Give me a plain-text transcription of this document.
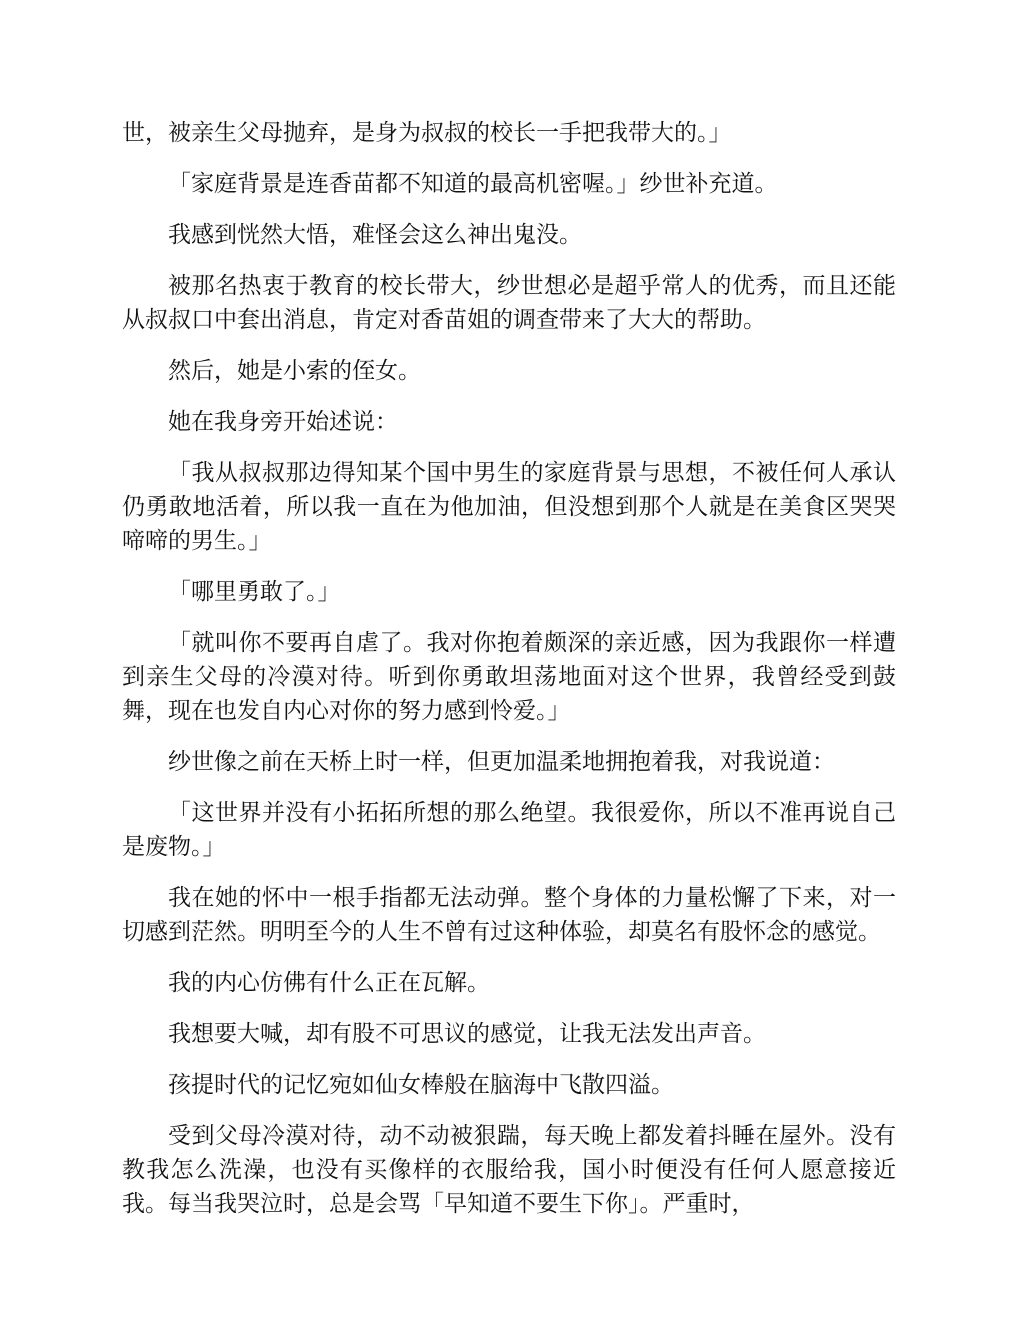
世，被亲生父母抛弃，是身为叔叔的校长一手把我带大的。」

「家庭背景是连香苗都不知道的最高机密喔。」纱世补充道。

我感到恍然大悟，难怪会这么神出鬼没。

被那名热衷于教育的校长带大，纱世想必是超乎常人的优秀，而且还能从叔叔口中套出消息，肯定对香苗姐的调查带来了大大的帮助。

然后，她是小索的侄女。

她在我身旁开始述说：

「我从叔叔那边得知某个国中男生的家庭背景与思想，不被任何人承认仍勇敢地活着，所以我一直在为他加油，但没想到那个人就是在美食区哭哭啼啼的男生。」

「哪里勇敢了。」

「就叫你不要再自虐了。我对你抱着颇深的亲近感，因为我跟你一样遭到亲生父母的冷漠对待。听到你勇敢坦荡地面对这个世界，我曾经受到鼓舞，现在也发自内心对你的努力感到怜爱。」

纱世像之前在天桥上时一样，但更加温柔地拥抱着我，对我说道：

「这世界并没有小拓拓所想的那么绝望。我很爱你，所以不准再说自己是废物。」

我在她的怀中一根手指都无法动弹。整个身体的力量松懈了下来，对一切感到茫然。明明至今的人生不曾有过这种体验，却莫名有股怀念的感觉。

我的内心仿佛有什么正在瓦解。

我想要大喊，却有股不可思议的感觉，让我无法发出声音。

孩提时代的记忆宛如仙女棒般在脑海中飞散四溢。

受到父母冷漠对待，动不动被狠踹，每天晚上都发着抖睡在屋外。没有教我怎么洗澡，也没有买像样的衣服给我，国小时便没有任何人愿意接近我。每当我哭泣时，总是会骂「早知道不要生下你」。严重时，
